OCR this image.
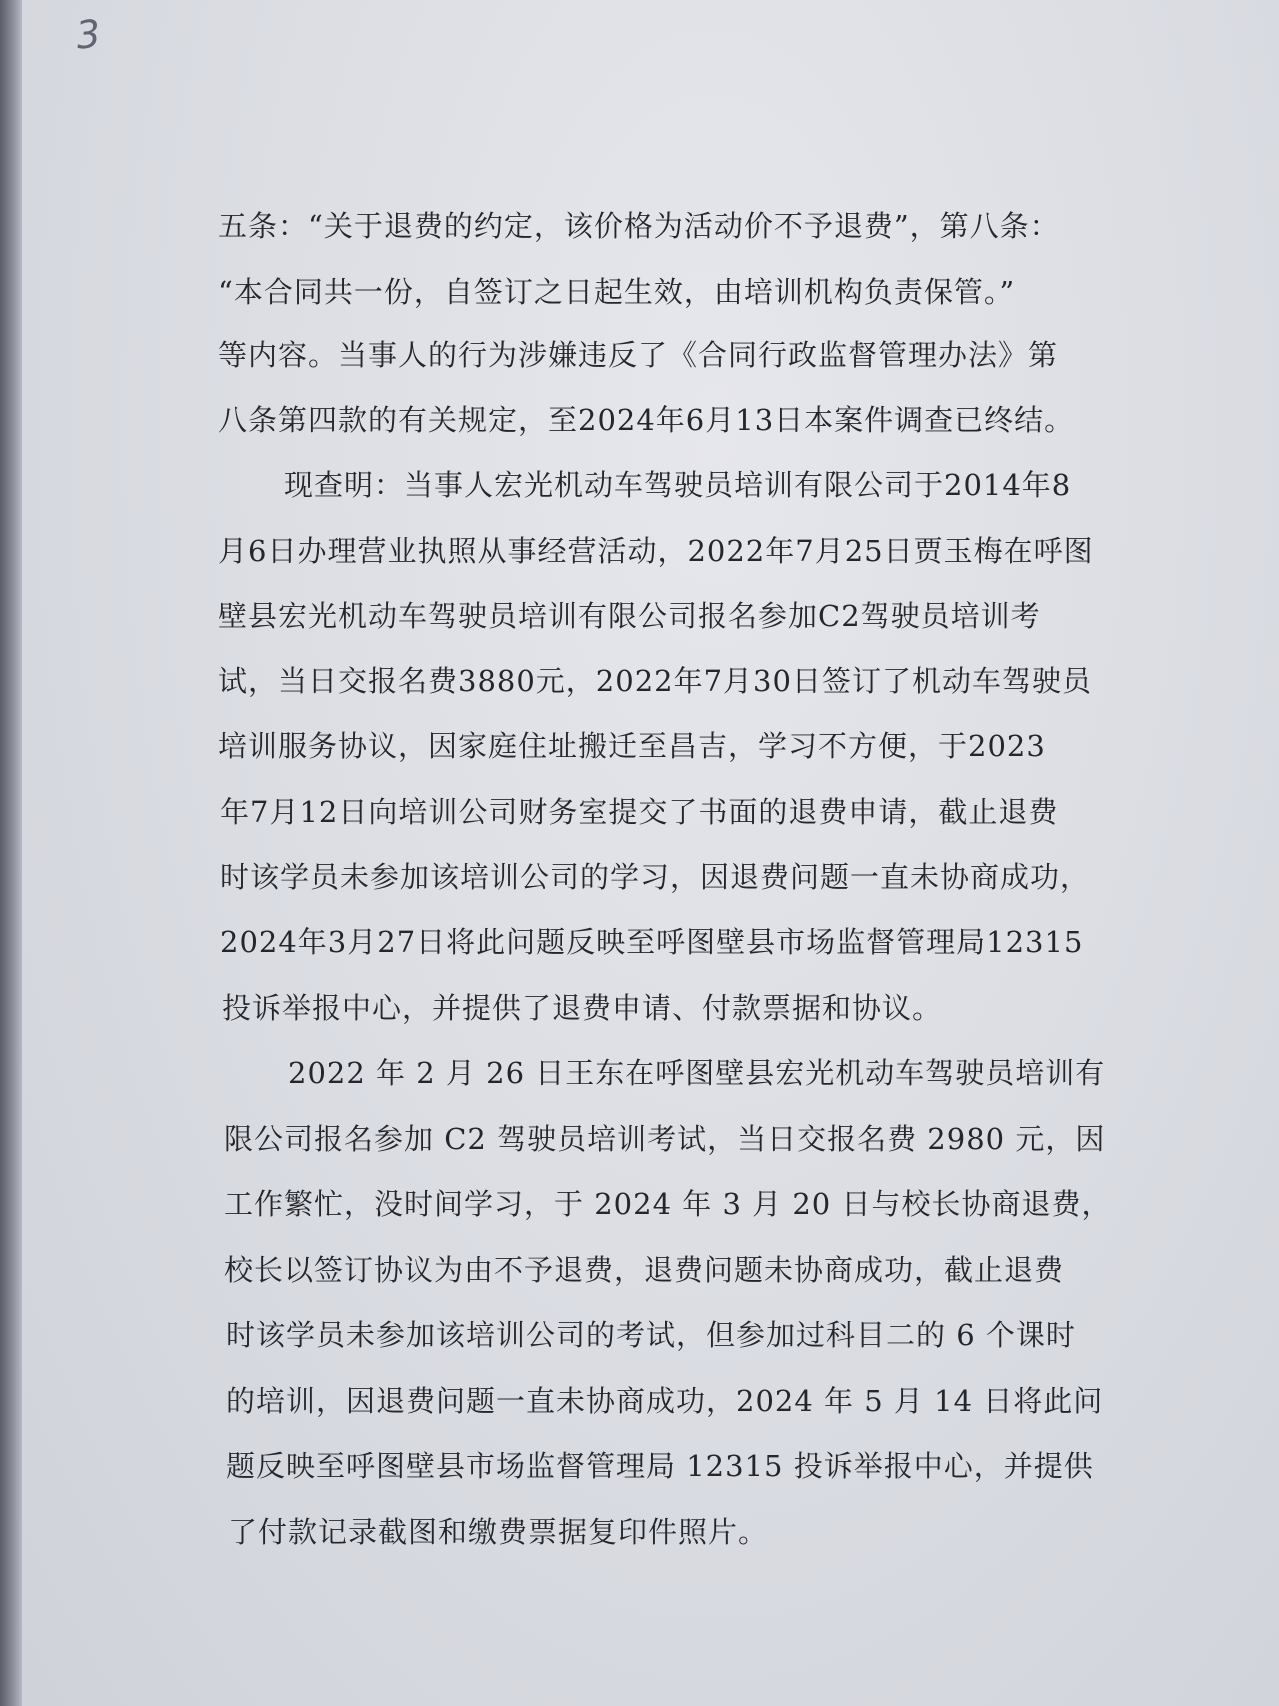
3
五条：“关于退费的约定，该价格为活动价不予退费”，第八条：
“本合同共一份，自签订之日起生效，由培训机构负责保管。”
等内容。当事人的行为涉嫌违反了《合同行政监督管理办法》第
八条第四款的有关规定，至2024年6月13日本案件调查已终结。
现查明：当事人宏光机动车驾驶员培训有限公司于2014年8
月6日办理营业执照从事经营活动，2022年7月25日贾玉梅在呼图
壁县宏光机动车驾驶员培训有限公司报名参加C2驾驶员培训考
试，当日交报名费3880元，2022年7月30日签订了机动车驾驶员
培训服务协议，因家庭住址搬迁至昌吉，学习不方便，于2023
年7月12日向培训公司财务室提交了书面的退费申请，截止退费
时该学员未参加该培训公司的学习，因退费问题一直未协商成功，
2024年3月27日将此问题反映至呼图壁县市场监督管理局12315
投诉举报中心，并提供了退费申请、付款票据和协议。
2022 年 2 月 26 日王东在呼图壁县宏光机动车驾驶员培训有
限公司报名参加 C2 驾驶员培训考试，当日交报名费 2980 元，因
工作繁忙，没时间学习，于 2024 年 3 月 20 日与校长协商退费，
校长以签订协议为由不予退费，退费问题未协商成功，截止退费
时该学员未参加该培训公司的考试，但参加过科目二的 6 个课时
的培训，因退费问题一直未协商成功，2024 年 5 月 14 日将此问
题反映至呼图壁县市场监督管理局 12315 投诉举报中心，并提供
了付款记录截图和缴费票据复印件照片。
